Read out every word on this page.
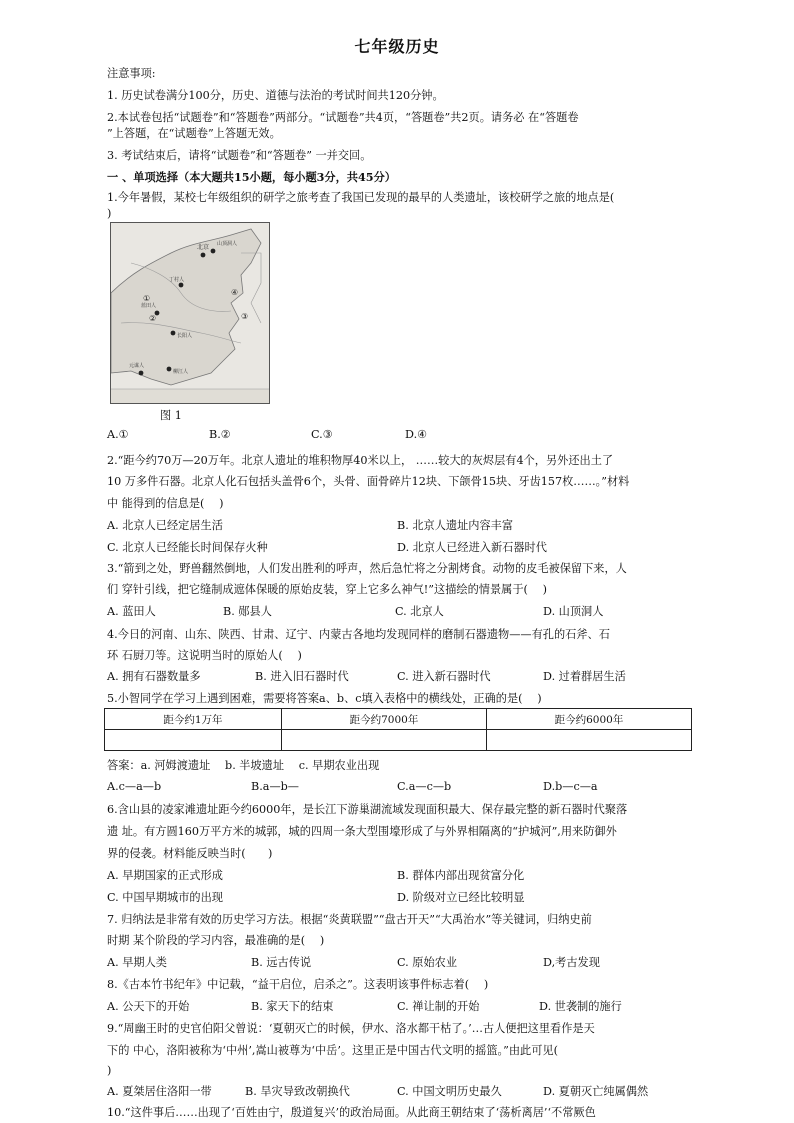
七年级历史
注意事项:
1. 历史试卷满分100分，历史、道德与法治的考试时间共120分钟。
2.本试卷包括“试题卷”和“答题卷”两部分。“试题卷”共4页，“答题卷”共2页。请务必 在“答题卷
”上答题，在“试题卷”上答题无效。
3. 考试结束后，请将“试题卷”和“答题卷” 一并交回。
一 、单项选择（本大题共15小题，每小题3分，共45分）
1.今年暑假，某校七年级组织的研学之旅考查了我国已发现的最早的人类遗址，该校研学之旅的地点是(
)
北京 山顶洞人
丁村人
蓝田人
元谋人
长阳人
柳江人
①
②	③
④
图 1
A.①	B.②	C.③	D.④
2.“距今约70万—20万年。北京人遗址的堆积物厚40米以上， ……较大的灰烬层有4个，另外还出土了
10 万多件石器。北京人化石包括头盖骨6个，头骨、面骨碎片12块、下颌骨15块、牙齿157枚……。”材料
中 能得到的信息是(　 )
A. 北京人已经定居生活	B. 北京人遗址内容丰富
C. 北京人已经能长时间保存火种	D. 北京人已经进入新石器时代
3.“箭到之处，野兽翻然倒地，人们发出胜利的呼声，然后急忙将之分割烤食。动物的皮毛被保留下来，人
们 穿针引线，把它缝制成遮体保暖的原始皮装，穿上它多么神气!”这描绘的情景属于(　 )
A. 蓝田人	B. 郧县人	C. 北京人	D. 山顶洞人
4.今日的河南、山东、陕西、甘肃、辽宁、内蒙古各地均发现同样的磨制石器遗物——有孔的石斧、石
环 石厨刀等。这说明当时的原始人(　 )
A. 拥有石器数量多	B. 进入旧石器时代	C. 进入新石器时代	D. 过着群居生活
5.小智同学在学习上遇到困难，需要将答案a、b、c填入表格中的横线处，正确的是(　 )
距今约1万年	距今约7000年	距今约6000年

答案：a. 河姆渡遗址　 b. 半坡遗址　 c. 早期农业出现
A.c—a—b	B.a—b—	C.a—c—b	D.b—c—a
6.含山县的凌家滩遗址距今约6000年，是长江下游巢湖流域发现面积最大、保存最完整的新石器时代聚落
遗 址。有方圆160万平方米的城郭，城的四周一条大型围壕形成了与外界相隔离的“护城河”,用来防御外
界的侵袭。材料能反映当时(　　)
A. 早期国家的正式形成	B. 群体内部出现贫富分化
C. 中国早期城市的出现	D. 阶级对立已经比较明显
7. 归纳法是非常有效的历史学习方法。根据“炎黄联盟”“盘古开天”“大禹治水”等关键词，归纳史前
时期 某个阶段的学习内容，最准确的是(　 )
A. 早期人类	B. 远古传说	C. 原始农业	D,考古发现
8.《古本竹书纪年》中记载，“益干启位，启杀之”。这表明该事件标志着(　 )
A. 公天下的开始	B. 家天下的结束	C. 禅让制的开始	D. 世袭制的施行
9.“周幽王时的史官伯阳父曾说：‘夏朝灭亡的时候，伊水、洛水都干枯了。’…古人便把这里看作是天
下的 中心，洛阳被称为‘中州’,嵩山被尊为‘中岳’。这里正是中国古代文明的摇篮。”由此可见(
)
A. 夏桀居住洛阳一带	B. 旱灾导致改朝换代	C. 中国文明历史最久	D. 夏朝灭亡纯属偶然
10.“这件事后……出现了‘百姓由宁，殷道复兴’的政治局面。从此商王朝结束了‘荡析离居’‘不常厥色
